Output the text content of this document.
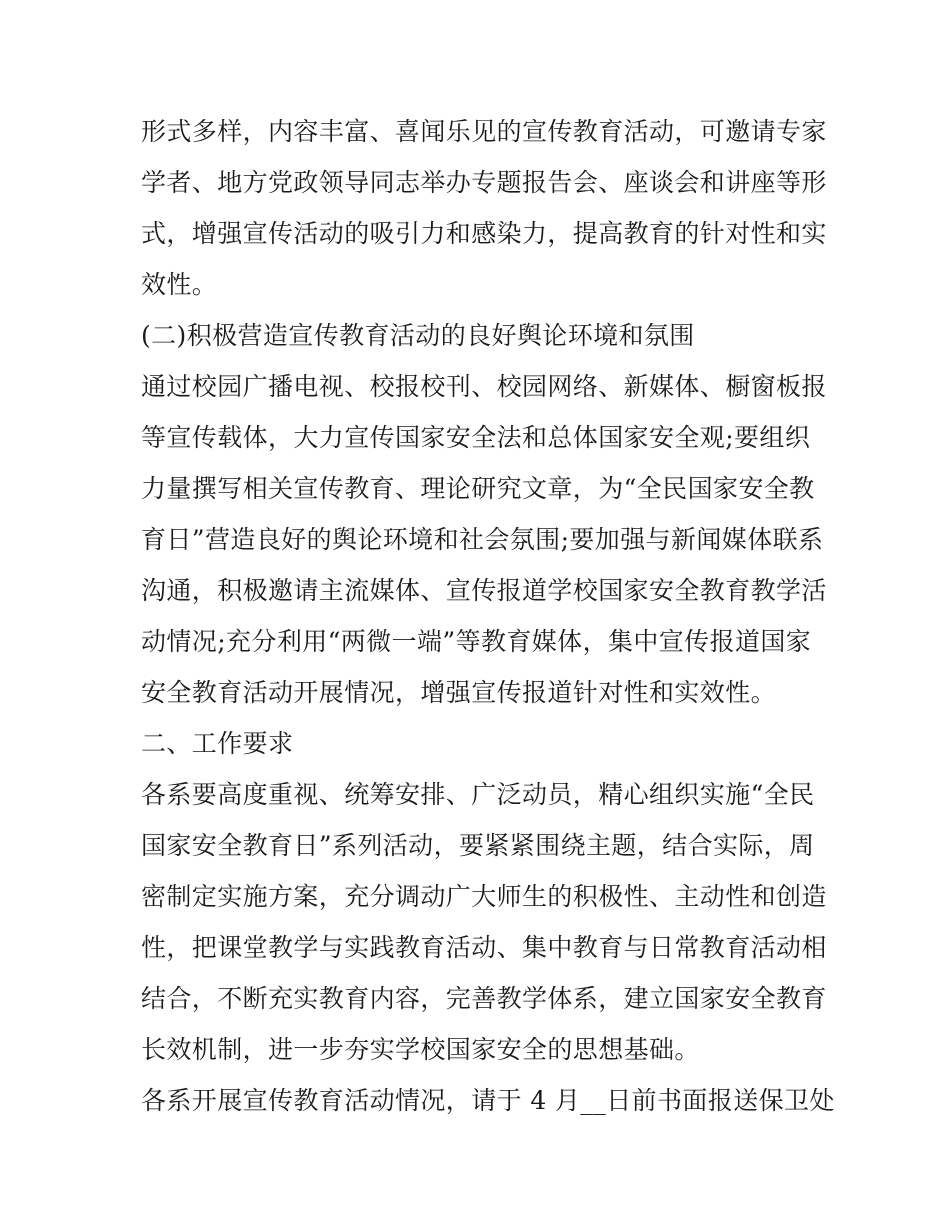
形式多样，内容丰富、喜闻乐见的宣传教育活动，可邀请专家
学者、地方党政领导同志举办专题报告会、座谈会和讲座等形
式，增强宣传活动的吸引力和感染力，提高教育的针对性和实
效性。
(二)积极营造宣传教育活动的良好舆论环境和氛围
通过校园广播电视、校报校刊、校园网络、新媒体、橱窗板报
等宣传载体，大力宣传国家安全法和总体国家安全观;要组织
力量撰写相关宣传教育、理论研究文章，为“全民国家安全教
育日”营造良好的舆论环境和社会氛围;要加强与新闻媒体联系
沟通，积极邀请主流媒体、宣传报道学校国家安全教育教学活
动情况;充分利用“两微一端”等教育媒体，集中宣传报道国家
安全教育活动开展情况，增强宣传报道针对性和实效性。
二、工作要求
各系要高度重视、统筹安排、广泛动员，精心组织实施“全民
国家安全教育日”系列活动，要紧紧围绕主题，结合实际，周
密制定实施方案，充分调动广大师生的积极性、主动性和创造
性，把课堂教学与实践教育活动、集中教育与日常教育活动相
结合，不断充实教育内容，完善教学体系，建立国家安全教育
长效机制，进一步夯实学校国家安全的思想基础。
各系开展宣传教育活动情况，请于 4 月__日前书面报送保卫处
